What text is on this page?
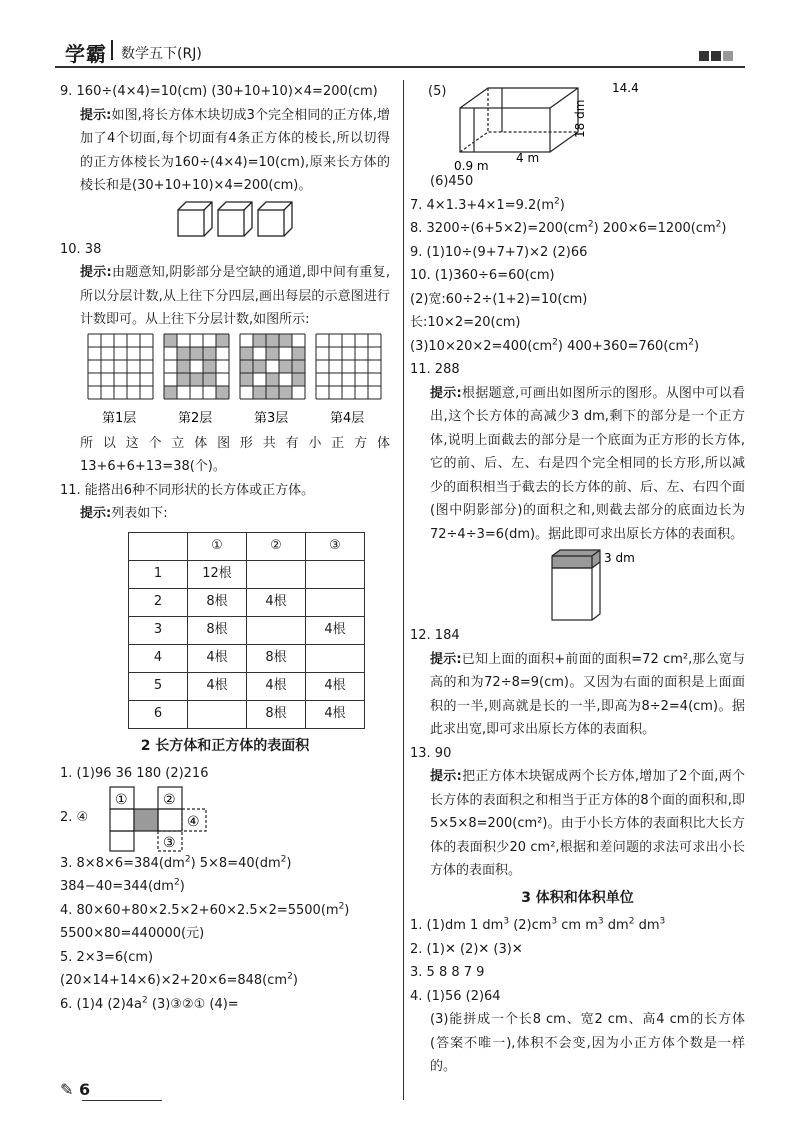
学霸 数学五下(RJ)

9. 160÷(4×4)=10(cm) (30+10+10)×4=200(cm)

提示:如图,将长方体木块切成3个完全相同的正方体,增加了4个切面,每个切面有4条正方体的棱长,所以切得的正方体棱长为160÷(4×4)=10(cm),原来长方体的棱长和是(30+10+10)×4=200(cm)。

10. 38

提示:由题意知,阴影部分是空缺的通道,即中间有重复,所以分层计数,从上往下分四层,画出每层的示意图进行计数即可。从上往下分层计数,如图所示:

第1层	第2层	第3层	第4层

所以这个立体图形共有小正方体 13+6+6+13=38(个)。

11. 能搭出6种不同形状的长方体或正方体。

提示:列表如下:

	①	②	③
1	12根		
2	8根	4根	
3	8根		4根
4	4根	8根	
5	4根	4根	4根
6		8根	4根
2 长方体和正方体的表面积

1. (1)96 36 180 (2)216

2. ④
①	②
④
③

3. $8\times 8\times 6=384(dm^2)$ $5\times 8=40(dm^2)$

$384-40=344(dm^2)$

4. $80\times 60+80\times 2.5\times 2+60\times 2.5\times 2=5500(m^2)$

5500×80=440000(元)

5. 2×3=6(cm)

$(20\times 14+14\times 6)\times 2+20\times 6=848(cm^2)$

6. (1)4 $(2)4a^2$ (3)③②① (4)=

(5)	14.4
18 dm
4 m
0.9 m

(6)450

7. $4\times 1.3+4\times 1=9.2(m^2)$

8. $3200\div(6+5\times 2)=200(cm^2)$ $200\times 6=1200(cm^2)$

9. (1)10÷(9+7+7)×2 (2)66

10. (1)360÷6=60(cm)

(2)宽:60÷2÷(1+2)=10(cm)

长:10×2=20(cm)

$(3)10\times 20\times 2=400(cm^2)$ $400+360=760(cm^2)$

11. 288

提示:根据题意,可画出如图所示的图形。从图中可以看出,这个长方体的高减少3 dm,剩下的部分是一个正方体,说明上面截去的部分是一个底面为正方形的长方体,它的前、后、左、右是四个完全相同的长方形,所以减少的面积相当于截去的长方体的前、后、左、右四个面(图中阴影部分)的面积之和,则截去部分的底面边长为72÷4÷3=6(dm)。据此即可求出原长方体的表面积。

3 dm

12. 184

提示:已知上面的面积+前面的面积=72 cm²,那么宽与高的和为72÷8=9(cm)。又因为右面的面积是上面面积的一半,则高就是长的一半,即高为8÷2=4(cm)。据此求出宽,即可求出原长方体的表面积。

13. 90

提示:把正方体木块锯成两个长方体,增加了2个面,两个长方体的表面积之和相当于正方体的8个面的面积和,即5×5×8=200(cm²)。由于小长方体的表面积比大长方体的表面积少20 cm²,根据和差问题的求法可求出小长方体的表面积。

3 体积和体积单位

1. (1)dm 1 $dm^3$ $(2)cm^3$ cm $m^3$ $dm^2$ $dm^3$

2. (1)✕ (2)✕ (3)✕

3. 5 8 8 7 9

4. (1)56 (2)64

(3)能拼成一个长8 cm、宽2 cm、高4 cm的长方体(答案不唯一),体积不会变,因为小正方体个数是一样的。

✎ 6
